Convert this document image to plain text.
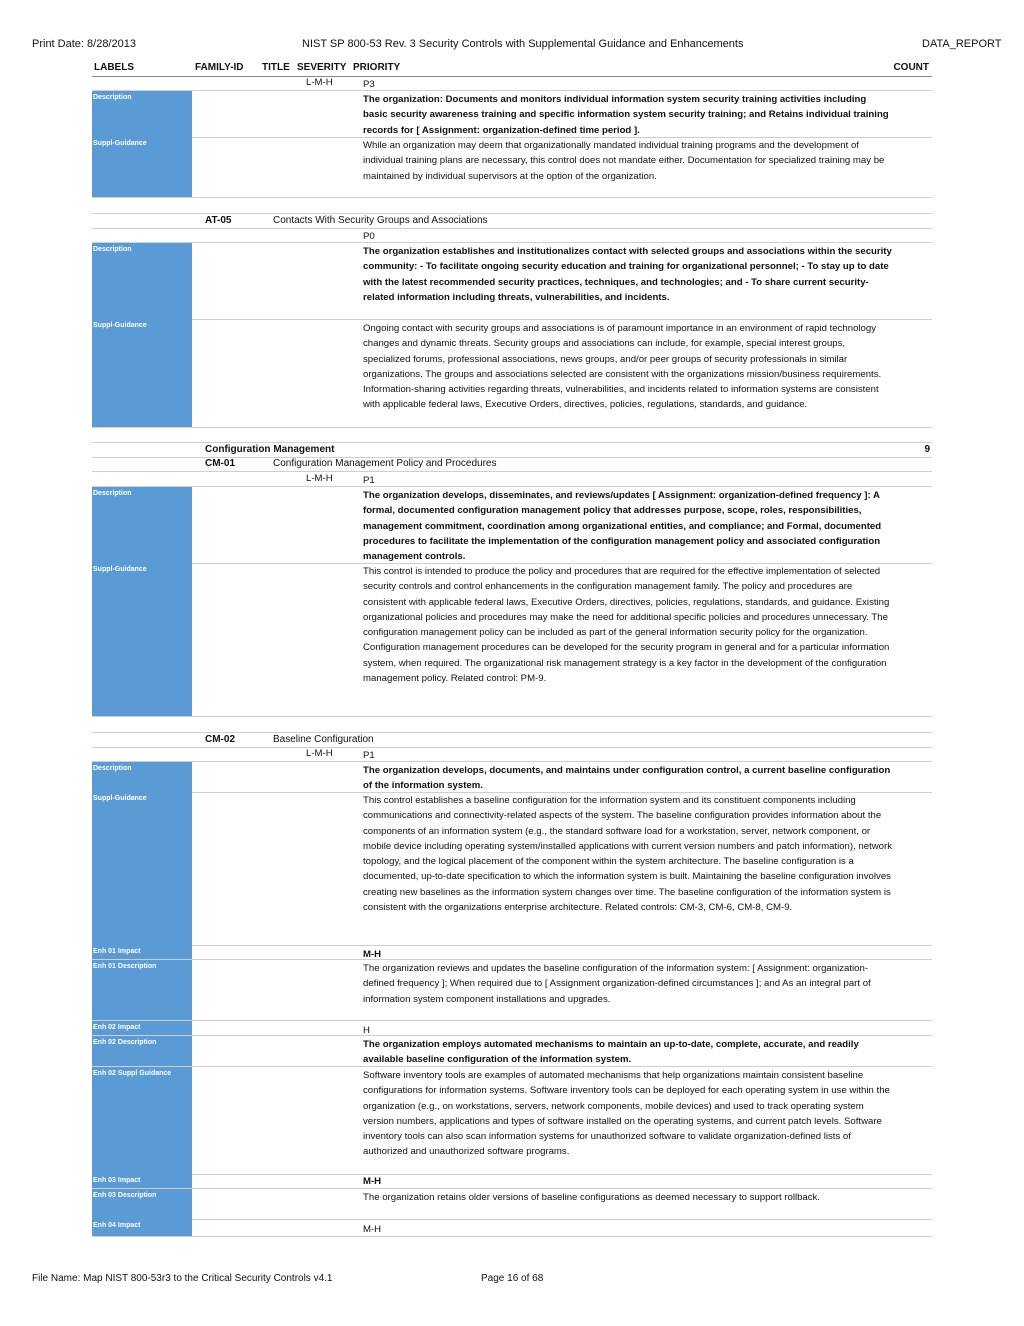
Print Date: 8/28/2013	NIST SP 800-53 Rev. 3 Security Controls with Supplemental Guidance and Enhancements	DATA_REPORT
LABELS	FAMILY-ID TITLE SEVERITY PRIORITY	COUNT
L-M-H	P3
Description	The organization: Documents and monitors individual information system security training activities including basic security awareness training and specific information system security training; and Retains individual training records for [ Assignment: organization-defined time period ].
Suppl-Guidance	While an organization may deem that organizationally mandated individual training programs and the development of individual training plans are necessary, this control does not mandate either. Documentation for specialized training may be maintained by individual supervisors at the option of the organization.
AT-05	Contacts With Security Groups and Associations
P0
Description	The organization establishes and institutionalizes contact with selected groups and associations within the security community: - To facilitate ongoing security education and training for organizational personnel; - To stay up to date with the latest recommended security practices, techniques, and technologies; and - To share current security-related information including threats, vulnerabilities, and incidents.
Suppl-Guidance	Ongoing contact with security groups and associations is of paramount importance in an environment of rapid technology changes and dynamic threats. Security groups and associations can include, for example, special interest groups, specialized forums, professional associations, news groups, and/or peer groups of security professionals in similar organizations. The groups and associations selected are consistent with the organizations mission/business requirements. Information-sharing activities regarding threats, vulnerabilities, and incidents related to information systems are consistent with applicable federal laws, Executive Orders, directives, policies, regulations, standards, and guidance.
Configuration Management	9
CM-01	Configuration Management Policy and Procedures
L-M-H	P1
Description	The organization develops, disseminates, and reviews/updates [ Assignment: organization-defined frequency ]: A formal, documented configuration management policy that addresses purpose, scope, roles, responsibilities, management commitment, coordination among organizational entities, and compliance; and Formal, documented procedures to facilitate the implementation of the configuration management policy and associated configuration management controls.
Suppl-Guidance	This control is intended to produce the policy and procedures that are required for the effective implementation of selected security controls and control enhancements in the configuration management family. The policy and procedures are consistent with applicable federal laws, Executive Orders, directives, policies, regulations, standards, and guidance. Existing organizational policies and procedures may make the need for additional specific policies and procedures unnecessary. The configuration management policy can be included as part of the general information security policy for the organization. Configuration management procedures can be developed for the security program in general and for a particular information system, when required. The organizational risk management strategy is a key factor in the development of the configuration management policy. Related control: PM-9.
CM-02	Baseline Configuration
L-M-H	P1
Description	The organization develops, documents, and maintains under configuration control, a current baseline configuration of the information system.
Suppl-Guidance	This control establishes a baseline configuration for the information system and its constituent components including communications and connectivity-related aspects of the system. The baseline configuration provides information about the components of an information system (e.g., the standard software load for a workstation, server, network component, or mobile device including operating system/installed applications with current version numbers and patch information), network topology, and the logical placement of the component within the system architecture. The baseline configuration is a documented, up-to-date specification to which the information system is built. Maintaining the baseline configuration involves creating new baselines as the information system changes over time. The baseline configuration of the information system is consistent with the organizations enterprise architecture. Related controls: CM-3, CM-6, CM-8, CM-9.
Enh 01 Impact	M-H
Enh 01 Description	The organization reviews and updates the baseline configuration of the information system: [ Assignment: organization-defined frequency ]; When required due to [ Assignment organization-defined circumstances ]; and As an integral part of information system component installations and upgrades.
Enh 02 Impact	H
Enh 02 Description	The organization employs automated mechanisms to maintain an up-to-date, complete, accurate, and readily available baseline configuration of the information system.
Enh 02 Suppl Guidance	Software inventory tools are examples of automated mechanisms that help organizations maintain consistent baseline configurations for information systems. Software inventory tools can be deployed for each operating system in use within the organization (e.g., on workstations, servers, network components, mobile devices) and used to track operating system version numbers, applications and types of software installed on the operating systems, and current patch levels. Software inventory tools can also scan information systems for unauthorized software to validate organization-defined lists of authorized and unauthorized software programs.
Enh 03 Impact	M-H
Enh 03 Description	The organization retains older versions of baseline configurations as deemed necessary to support rollback.
Enh 04 Impact	M-H
File Name: Map NIST 800-53r3 to the Critical Security Controls v4.1	Page 16 of 68
